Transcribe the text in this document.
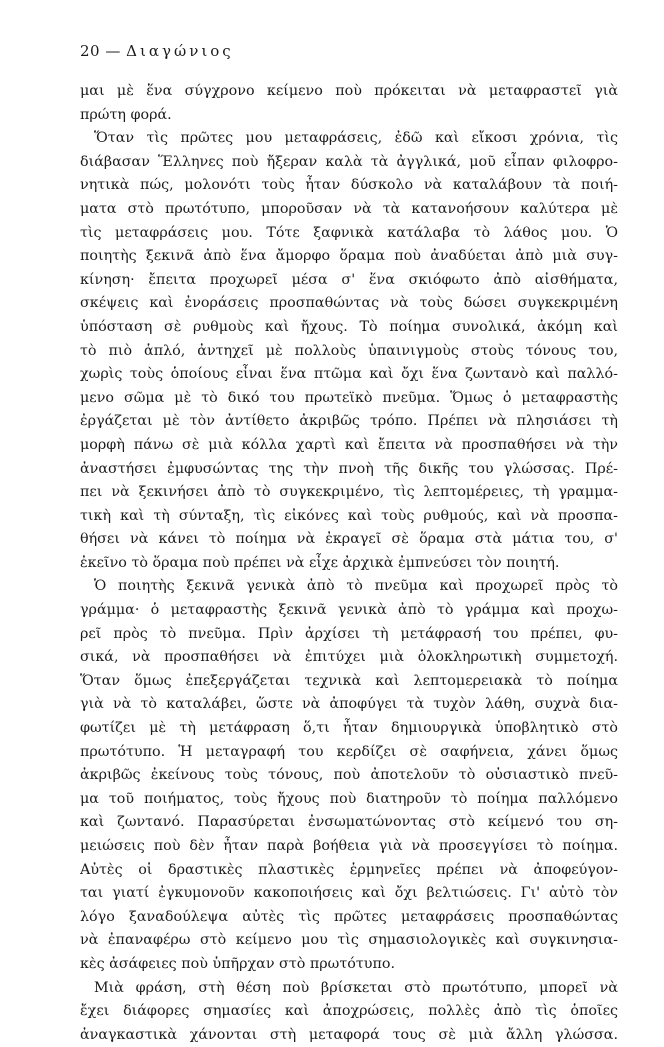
20 — Διαγώνιος
μαι μὲ ἕνα σύγχρονο κείμενο ποὺ πρόκειται νὰ μεταφραστεῖ γιὰ
πρώτη φορά.
Ὅταν τὶς πρῶτες μου μεταφράσεις, ἐδῶ καὶ εἴκοσι χρόνια, τὶς
διάβασαν Ἕλληνες ποὺ ἤξεραν καλὰ τὰ ἀγγλικά, μοῦ εἶπαν φιλοφρο-
νητικὰ πώς, μολονότι τοὺς ἦταν δύσκολο νὰ καταλάβουν τὰ ποιή-
ματα στὸ πρωτότυπο, μποροῦσαν νὰ τὰ κατανοήσουν καλύτερα μὲ
τὶς μεταφράσεις μου. Τότε ξαφνικὰ κατάλαβα τὸ λάθος μου. Ὁ
ποιητὴς ξεκινᾶ ἀπὸ ἕνα ἄμορφο ὅραμα ποὺ ἀναδύεται ἀπὸ μιὰ συγ-
κίνηση· ἔπειτα προχωρεῖ μέσα σ' ἕνα σκιόφωτο ἀπὸ αἰσθήματα,
σκέψεις καὶ ἐνοράσεις προσπαθώντας νὰ τοὺς δώσει συγκεκριμένη
ὑπόσταση σὲ ρυθμοὺς καὶ ἤχους. Τὸ ποίημα συνολικά, ἀκόμη καὶ
τὸ πιὸ ἁπλό, ἀντηχεῖ μὲ πολλοὺς ὑπαινιγμοὺς στοὺς τόνους του,
χωρὶς τοὺς ὁποίους εἶναι ἕνα πτῶμα καὶ ὄχι ἕνα ζωντανὸ καὶ παλλό-
μενο σῶμα μὲ τὸ δικό του πρωτεϊκὸ πνεῦμα. Ὅμως ὁ μεταφραστὴς
ἐργάζεται μὲ τὸν ἀντίθετο ἀκριβῶς τρόπο. Πρέπει νὰ πλησιάσει τὴ
μορφὴ πάνω σὲ μιὰ κόλλα χαρτὶ καὶ ἔπειτα νὰ προσπαθήσει νὰ τὴν
ἀναστήσει ἐμφυσώντας της τὴν πνοὴ τῆς δικῆς του γλώσσας. Πρέ-
πει νὰ ξεκινήσει ἀπὸ τὸ συγκεκριμένο, τὶς λεπτομέρειες, τὴ γραμμα-
τικὴ καὶ τὴ σύνταξη, τὶς εἰκόνες καὶ τοὺς ρυθμούς, καὶ νὰ προσπα-
θήσει νὰ κάνει τὸ ποίημα νὰ ἐκραγεῖ σὲ ὅραμα στὰ μάτια του, σ'
ἐκεῖνο τὸ ὅραμα ποὺ πρέπει νὰ εἶχε ἀρχικὰ ἐμπνεύσει τὸν ποιητή.
Ὁ ποιητὴς ξεκινᾶ γενικὰ ἀπὸ τὸ πνεῦμα καὶ προχωρεῖ πρὸς τὸ
γράμμα· ὁ μεταφραστὴς ξεκινᾶ γενικὰ ἀπὸ τὸ γράμμα καὶ προχω-
ρεῖ πρὸς τὸ πνεῦμα. Πρὶν ἀρχίσει τὴ μετάφρασή του πρέπει, φυ-
σικά, νὰ προσπαθήσει νὰ ἐπιτύχει μιὰ ὁλοκληρωτικὴ συμμετοχή.
Ὅταν ὅμως ἐπεξεργάζεται τεχνικὰ καὶ λεπτομερειακὰ τὸ ποίημα
γιὰ νὰ τὸ καταλάβει, ὥστε νὰ ἀποφύγει τὰ τυχὸν λάθη, συχνὰ δια-
φωτίζει μὲ τὴ μετάφραση ὅ,τι ἦταν δημιουργικὰ ὑποβλητικὸ στὸ
πρωτότυπο. Ἡ μεταγραφή του κερδίζει σὲ σαφήνεια, χάνει ὅμως
ἀκριβῶς ἐκείνους τοὺς τόνους, ποὺ ἀποτελοῦν τὸ οὐσιαστικὸ πνεῦ-
μα τοῦ ποιήματος, τοὺς ἤχους ποὺ διατηροῦν τὸ ποίημα παλλόμενο
καὶ ζωντανό. Παρασύρεται ἐνσωματώνοντας στὸ κείμενό του ση-
μειώσεις ποὺ δὲν ἦταν παρὰ βοήθεια γιὰ νὰ προσεγγίσει τὸ ποίημα.
Αὐτὲς οἱ δραστικὲς πλαστικὲς ἑρμηνεῖες πρέπει νὰ ἀποφεύγον-
ται γιατί ἐγκυμονοῦν κακοποιήσεις καὶ ὄχι βελτιώσεις. Γι' αὐτὸ τὸν
λόγο ξαναδούλεψα αὐτὲς τὶς πρῶτες μεταφράσεις προσπαθώντας
νὰ ἐπαναφέρω στὸ κείμενο μου τὶς σημασιολογικὲς καὶ συγκινησια-
κὲς ἀσάφειες ποὺ ὑπῆρχαν στὸ πρωτότυπο.
Μιὰ φράση, στὴ θέση ποὺ βρίσκεται στὸ πρωτότυπο, μπορεῖ νὰ
ἔχει διάφορες σημασίες καὶ ἀποχρώσεις, πολλὲς ἀπὸ τὶς ὁποῖες
ἀναγκαστικὰ χάνονται στὴ μεταφορά τους σὲ μιὰ ἄλλη γλώσσα.
